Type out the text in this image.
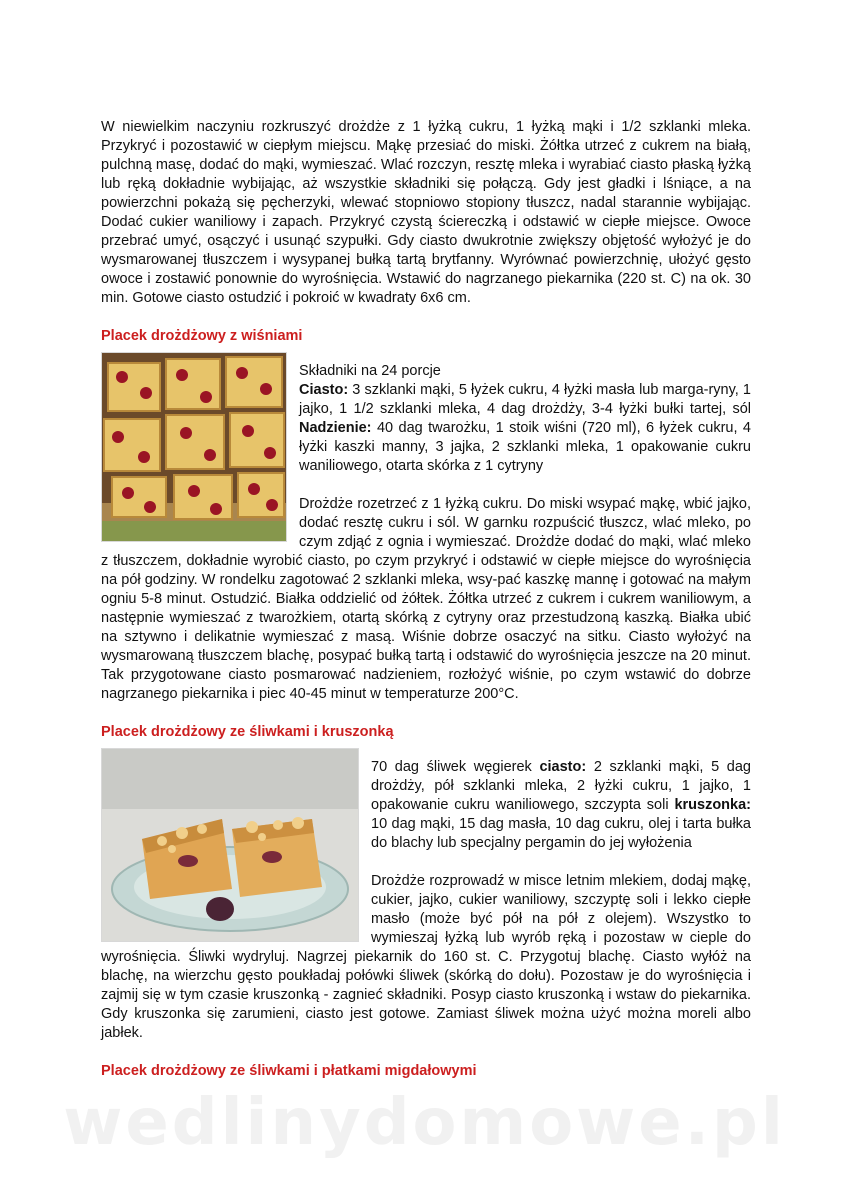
W niewielkim naczyniu rozkruszyć drożdże z 1 łyżką cukru, 1 łyżką mąki i 1/2 szklanki mleka. Przykryć i pozostawić w ciepłym miejscu. Mąkę przesiać do miski. Żółtka utrzeć z cukrem na białą, pulchną masę, dodać do mąki, wymieszać. Wlać rozczyn, resztę mleka i wyrabiać ciasto płaską łyżką lub ręką dokładnie wybijając, aż wszystkie składniki się połączą. Gdy jest gładki i lśniące, a na powierzchni pokażą się pęcherzyki, wlewać stopniowo stopiony tłuszcz, nadal starannie wybijając. Dodać cukier waniliowy i zapach. Przykryć czystą ściereczką i odstawić w ciepłe miejsce. Owoce przebrać umyć, osączyć i usunąć szypułki. Gdy ciasto dwukrotnie zwiększy objętość wyłożyć je do wysmarowanej tłuszczem i wysypanej bułką tartą brytfanny. Wyrównać powierzchnię, ułożyć gęsto owoce i zostawić ponownie do wyrośnięcia. Wstawić do nagrzanego piekarnika (220 st. C) na ok. 30 min. Gotowe ciasto ostudzić i pokroić w kwadraty 6x6 cm.

Placek drożdżowy z wiśniami

Składniki na 24 porcje
Ciasto: 3 szklanki mąki, 5 łyżek cukru, 4 łyżki masła lub marga-ryny, 1 jajko, 1 1/2 szklanki mleka, 4 dag drożdży, 3-4 łyżki bułki tartej, sól Nadzienie: 40 dag twarożku, 1 stoik wiśni (720 ml), 6 łyżek cukru, 4 łyżki kaszki manny, 3 jajka, 2 szklanki mleka, 1 opakowanie cukru waniliowego, otarta skórka z 1 cytryny

Drożdże rozetrzeć z 1 łyżką cukru. Do miski wsypać mąkę, wbić jajko, dodać resztę cukru i sól. W garnku rozpuścić tłuszcz, wlać mleko, po czym zdjąć z ognia i wymieszać. Drożdże dodać do mąki, wlać mleko z tłuszczem, dokładnie wyrobić ciasto, po czym przykryć i odstawić w ciepłe miejsce do wyrośnięcia na pół godziny. W rondelku zagotować 2 szklanki mleka, wsy-pać kaszkę mannę i gotować na małym ogniu 5-8 minut. Ostudzić. Białka oddzielić od żółtek. Żółtka utrzeć z cukrem i cukrem waniliowym, a następnie wymieszać z twarożkiem, otartą skórką z cytryny oraz przestudzoną kaszką. Białka ubić na sztywno i delikatnie wymieszać z masą. Wiśnie dobrze osaczyć na sitku. Ciasto wyłożyć na wysmarowaną tłuszczem blachę, posypać bułką tartą i odstawić do wyrośnięcia jeszcze na 20 minut. Tak przygotowane ciasto posmarować nadzieniem, rozłożyć wiśnie, po czym wstawić do dobrze nagrzanego piekarnika i piec 40-45 minut w temperaturze 200°C.

Placek drożdżowy ze śliwkami i kruszonką

70 dag śliwek węgierek ciasto: 2 szklanki mąki, 5 dag drożdży, pół szklanki mleka, 2 łyżki cukru, 1 jajko, 1 opakowanie cukru waniliowego, szczypta soli kruszonka: 10 dag mąki, 15 dag masła, 10 dag cukru, olej i tarta bułka do blachy lub specjalny pergamin do jej wyłożenia

Drożdże rozprowadź w misce letnim mlekiem, dodaj mąkę, cukier, jajko, cukier waniliowy, szczyptę soli i lekko ciepłe masło (może być pół na pół z olejem). Wszystko to wymieszaj łyżką lub wyrób ręką i pozostaw w cieple do wyrośnięcia. Śliwki wydryluj. Nagrzej piekarnik do 160 st. C. Przygotuj blachę. Ciasto wyłóż na blachę, na wierzchu gęsto poukładaj połówki śliwek (skórką do dołu). Pozostaw je do wyrośnięcia i zajmij się w tym czasie kruszonką - zagnieć składniki. Posyp ciasto kruszonką i wstaw do piekarnika. Gdy kruszonka się zarumieni, ciasto jest gotowe. Zamiast śliwek można użyć można moreli albo jabłek.

Placek drożdżowy ze śliwkami i płatkami migdałowymi
wedlinydomowe.pl
